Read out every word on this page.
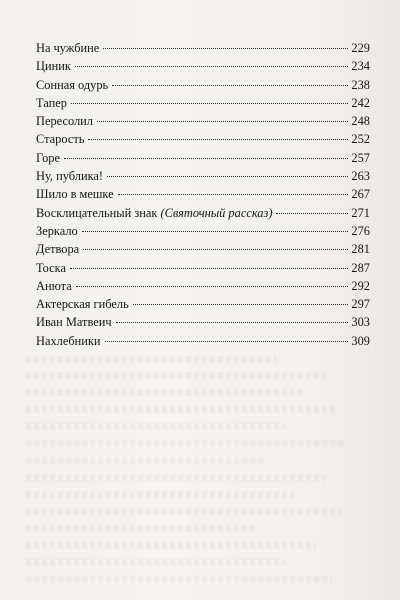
На чужбине	229
Циник	234
Сонная одурь	238
Тапер	242
Пересолил	248
Старость	252
Горе	257
Ну, публика!	263
Шило в мешке	267
Восклицательный знак (Святочный рассказ)	271
Зеркало	276
Детвора	281
Тоска	287
Анюта	292
Актерская гибель	297
Иван Матвеич	303
Нахлебники	309
